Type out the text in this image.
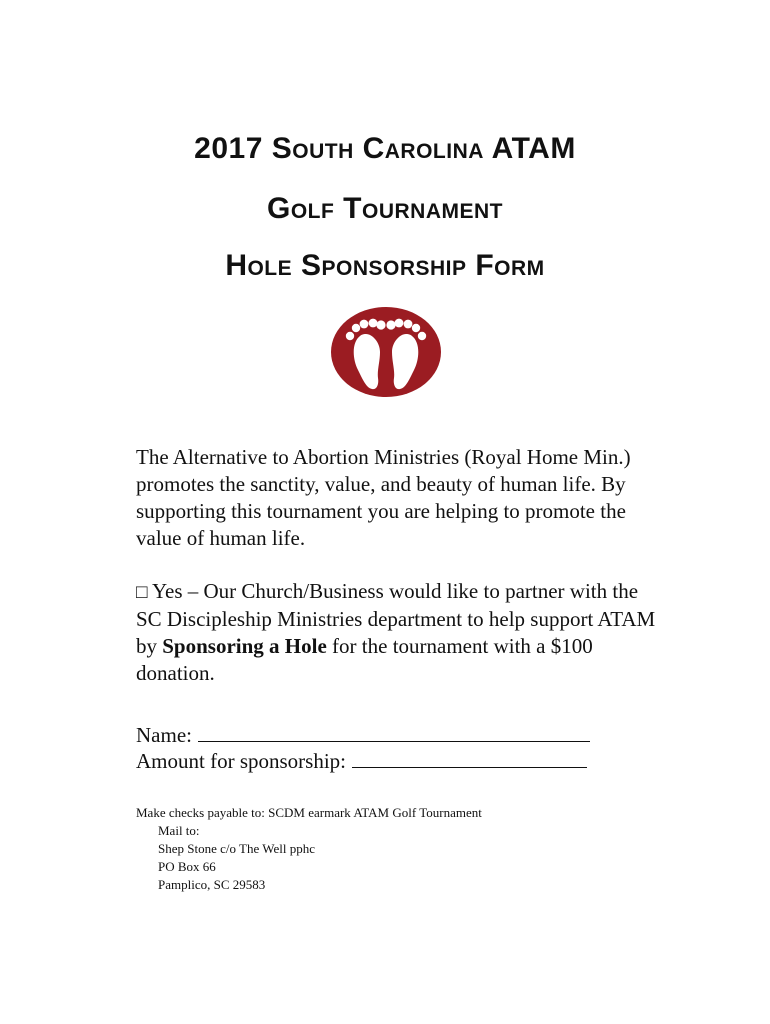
2017 South Carolina ATAM
Golf Tournament
Hole Sponsorship Form
The Alternative to Abortion Ministries (Royal Home Min.) promotes the sanctity, value, and beauty of human life. By supporting this tournament you are helping to promote the value of human life.
□ Yes – Our Church/Business would like to partner with the SC Discipleship Ministries department to help support ATAM by Sponsoring a Hole for the tournament with a $100 donation.
Name:
Amount for sponsorship:
Make checks payable to: SCDM earmark ATAM Golf Tournament
Mail to:
Shep Stone c/o The Well pphc
PO Box 66
Pamplico, SC 29583
